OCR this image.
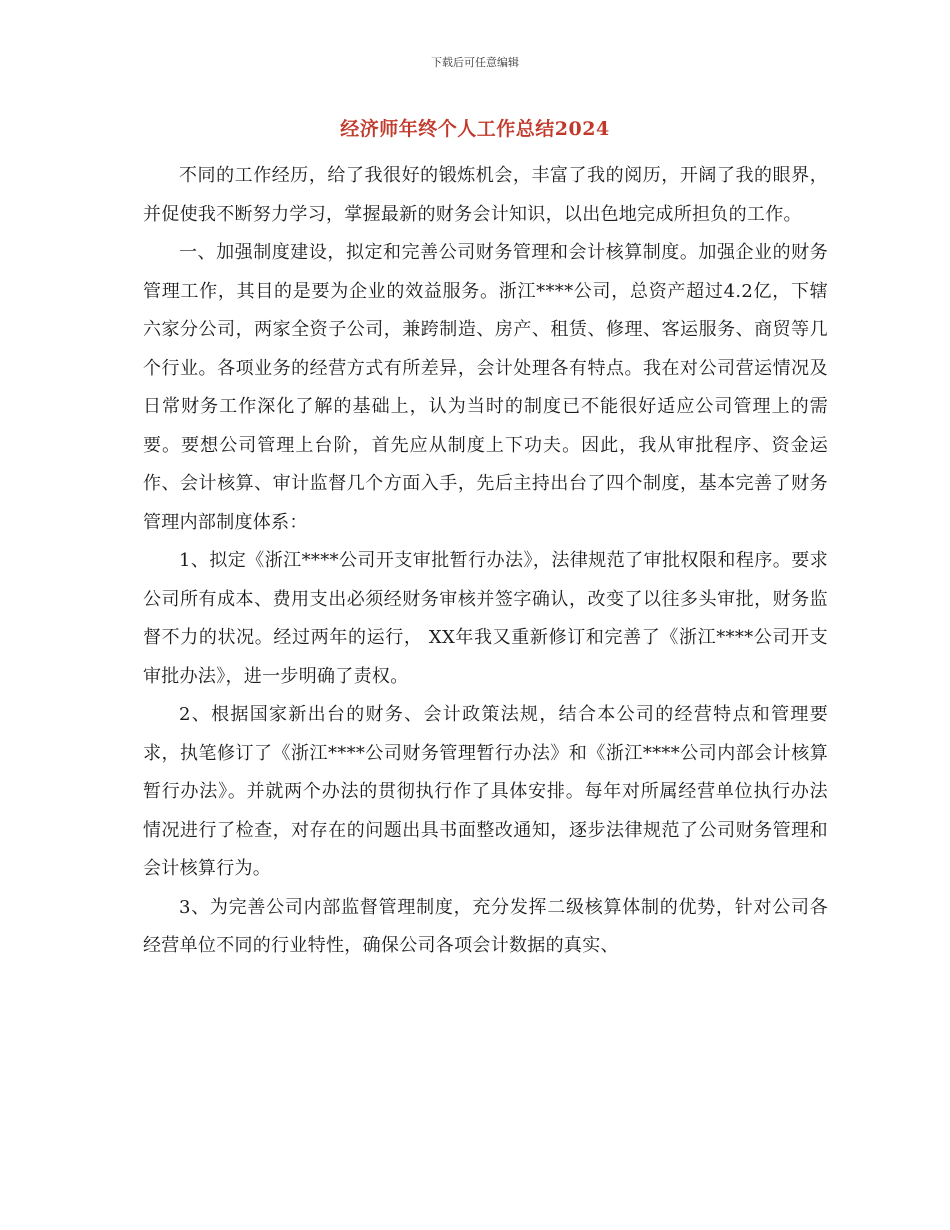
下载后可任意编辑
经济师年终个人工作总结2024

不同的工作经历，给了我很好的锻炼机会，丰富了我的阅历，开阔了我的眼界，并促使我不断努力学习，掌握最新的财务会计知识，以出色地完成所担负的工作。

一、加强制度建设，拟定和完善公司财务管理和会计核算制度。加强企业的财务管理工作，其目的是要为企业的效益服务。浙江****公司，总资产超过4.2亿，下辖六家分公司，两家全资子公司，兼跨制造、房产、租赁、修理、客运服务、商贸等几个行业。各项业务的经营方式有所差异，会计处理各有特点。我在对公司营运情况及日常财务工作深化了解的基础上，认为当时的制度已不能很好适应公司管理上的需要。要想公司管理上台阶，首先应从制度上下功夫。因此，我从审批程序、资金运作、会计核算、审计监督几个方面入手，先后主持出台了四个制度，基本完善了财务管理内部制度体系：

1、拟定《浙江****公司开支审批暂行办法》，法律规范了审批权限和程序。要求公司所有成本、费用支出必须经财务审核并签字确认，改变了以往多头审批，财务监督不力的状况。经过两年的运行， XX年我又重新修订和完善了《浙江****公司开支审批办法》，进一步明确了责权。

2、根据国家新出台的财务、会计政策法规，结合本公司的经营特点和管理要求，执笔修订了《浙江****公司财务管理暂行办法》和《浙江****公司内部会计核算暂行办法》。并就两个办法的贯彻执行作了具体安排。每年对所属经营单位执行办法情况进行了检查，对存在的问题出具书面整改通知，逐步法律规范了公司财务管理和会计核算行为。

3、为完善公司内部监督管理制度，充分发挥二级核算体制的优势，针对公司各经营单位不同的行业特性，确保公司各项会计数据的真实、
